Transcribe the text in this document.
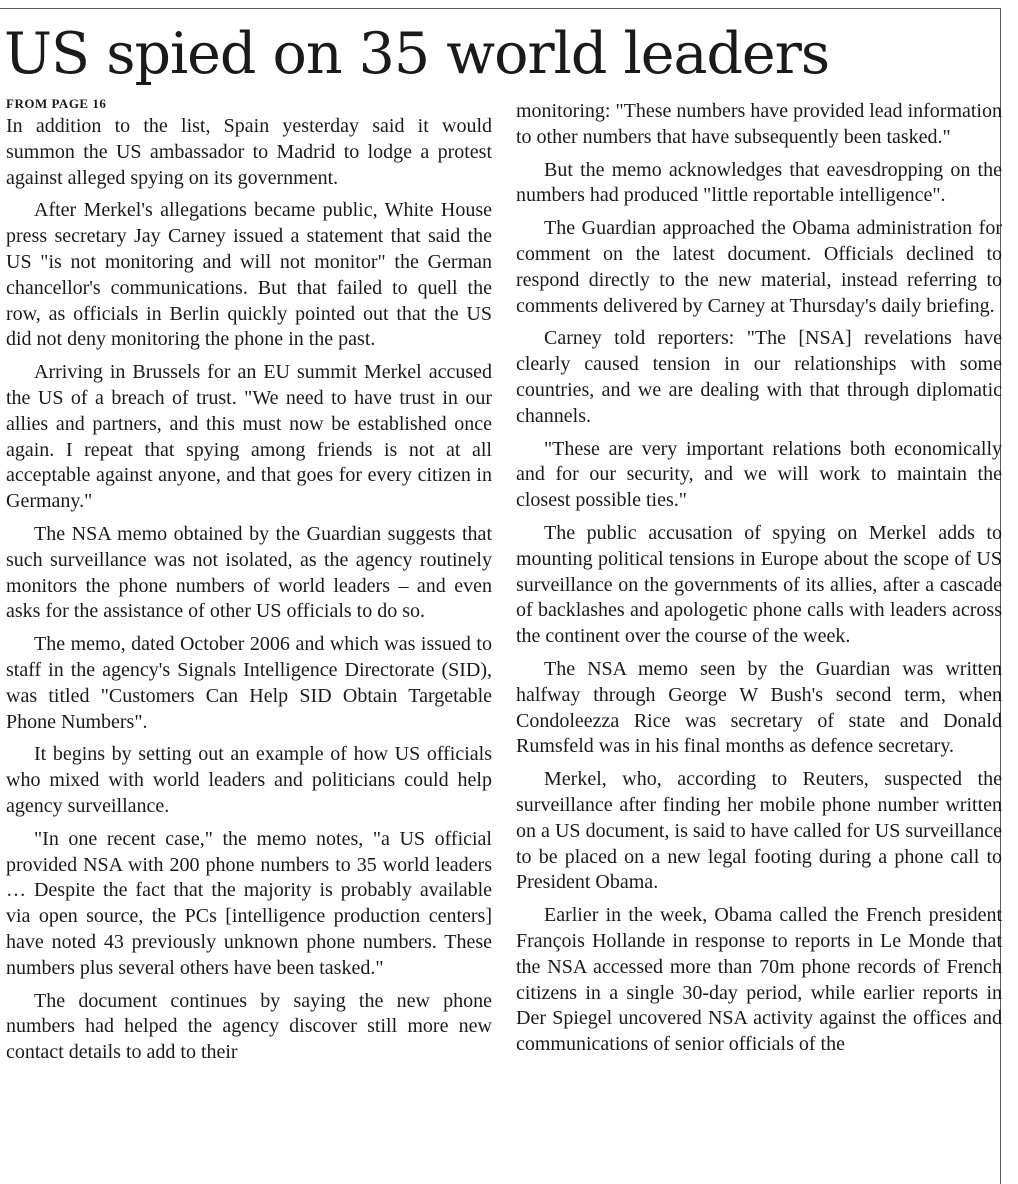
US spied on 35 world leaders
FROM PAGE 16

In addition to the list, Spain yesterday said it would summon the US ambassador to Madrid to lodge a protest against alleged spying on its government.

After Merkel's allegations became public, White House press secretary Jay Carney issued a statement that said the US "is not monitoring and will not monitor" the German chancellor's communications. But that failed to quell the row, as officials in Berlin quickly pointed out that the US did not deny monitoring the phone in the past.

Arriving in Brussels for an EU summit Merkel accused the US of a breach of trust. "We need to have trust in our allies and partners, and this must now be established once again. I repeat that spying among friends is not at all acceptable against anyone, and that goes for every citizen in Germany."

The NSA memo obtained by the Guardian suggests that such surveillance was not isolated, as the agency routinely monitors the phone numbers of world leaders – and even asks for the assistance of other US officials to do so.

The memo, dated October 2006 and which was issued to staff in the agency's Signals Intelligence Directorate (SID), was titled "Customers Can Help SID Obtain Targetable Phone Numbers".

It begins by setting out an example of how US officials who mixed with world leaders and politicians could help agency surveillance.

"In one recent case," the memo notes, "a US official provided NSA with 200 phone numbers to 35 world leaders … Despite the fact that the majority is probably available via open source, the PCs [intelligence production centers] have noted 43 previously unknown phone numbers. These numbers plus several others have been tasked."

The document continues by saying the new phone numbers had helped the agency discover still more new contact details to add to their

monitoring: "These numbers have provided lead information to other numbers that have subsequently been tasked."

But the memo acknowledges that eavesdropping on the numbers had produced "little reportable intelligence".

The Guardian approached the Obama administration for comment on the latest document. Officials declined to respond directly to the new material, instead referring to comments delivered by Carney at Thursday's daily briefing.

Carney told reporters: "The [NSA] revelations have clearly caused tension in our relationships with some countries, and we are dealing with that through diplomatic channels.

"These are very important relations both economically and for our security, and we will work to maintain the closest possible ties."

The public accusation of spying on Merkel adds to mounting political tensions in Europe about the scope of US surveillance on the governments of its allies, after a cascade of backlashes and apologetic phone calls with leaders across the continent over the course of the week.

The NSA memo seen by the Guardian was written halfway through George W Bush's second term, when Condoleezza Rice was secretary of state and Donald Rumsfeld was in his final months as defence secretary.

Merkel, who, according to Reuters, suspected the surveillance after finding her mobile phone number written on a US document, is said to have called for US surveillance to be placed on a new legal footing during a phone call to President Obama.

Earlier in the week, Obama called the French president François Hollande in response to reports in Le Monde that the NSA accessed more than 70m phone records of French citizens in a single 30-day period, while earlier reports in Der Spiegel uncovered NSA activity against the offices and communications of senior officials of the
